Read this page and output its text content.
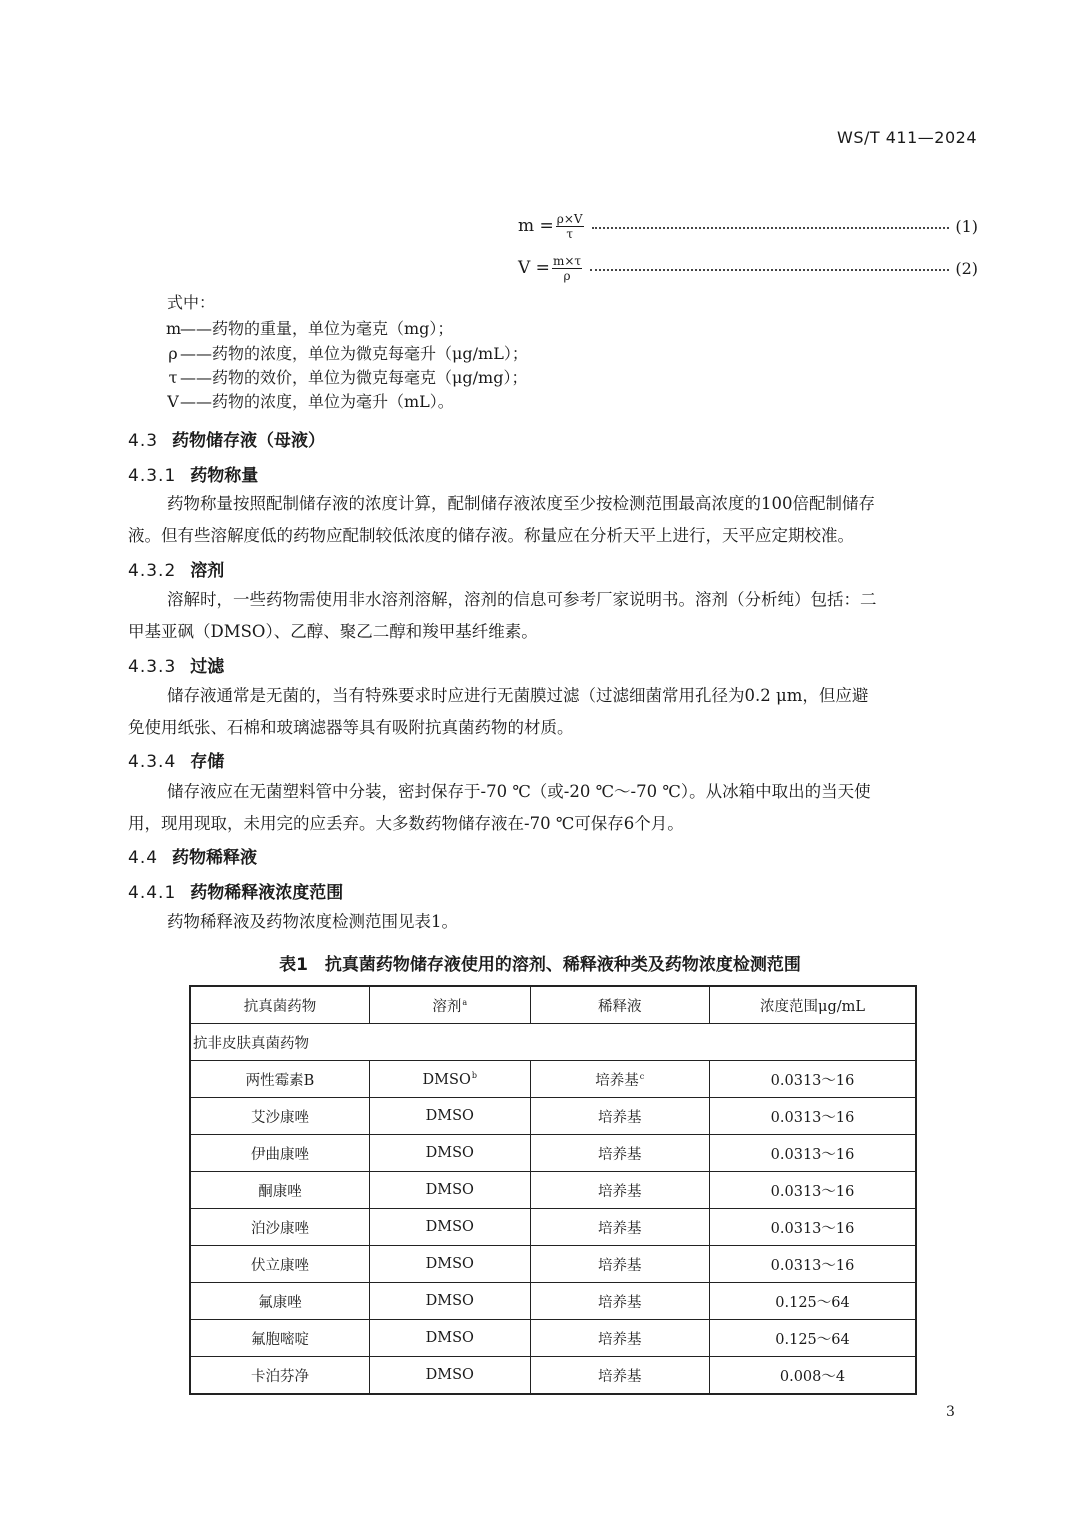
WS/T 411—2024
$m = \frac{\rho\times V}{\tau}$	(1)
$V = \frac{m\times\tau}{\rho}$	(2)
式中：
m——药物的重量，单位为毫克（mg）；
ρ ——药物的浓度，单位为微克每毫升（μg/mL）；
τ ——药物的效价，单位为微克每毫克（μg/mg）；
V——药物的浓度，单位为毫升（mL）。
4.3 药物储存液（母液）
4.3.1 药物称量
药物称量按照配制储存液的浓度计算，配制储存液浓度至少按检测范围最高浓度的100倍配制储存
液。但有些溶解度低的药物应配制较低浓度的储存液。称量应在分析天平上进行，天平应定期校准。
4.3.2 溶剂
溶解时，一些药物需使用非水溶剂溶解，溶剂的信息可参考厂家说明书。溶剂（分析纯）包括：二
甲基亚砜（DMSO）、乙醇、聚乙二醇和羧甲基纤维素。
4.3.3 过滤
储存液通常是无菌的，当有特殊要求时应进行无菌膜过滤（过滤细菌常用孔径为0.2 μm，但应避
免使用纸张、石棉和玻璃滤器等具有吸附抗真菌药物的材质。
4.3.4 存储
储存液应在无菌塑料管中分装，密封保存于-70 ℃（或-20 ℃～-70 ℃）。从冰箱中取出的当天使
用，现用现取，未用完的应丢弃。大多数药物储存液在-70 ℃可保存6个月。
4.4 药物稀释液
4.4.1 药物稀释液浓度范围
药物稀释液及药物浓度检测范围见表1。
表1　抗真菌药物储存液使用的溶剂、稀释液种类及药物浓度检测范围
抗真菌药物	溶剂$^a$	稀释液	浓度范围μg/mL
抗非皮肤真菌药物			
两性霉素B	DMSO$^b$	培养基$^c$	0.0313～16
艾沙康唑	DMSO	培养基	0.0313～16
伊曲康唑	DMSO	培养基	0.0313～16
酮康唑	DMSO	培养基	0.0313～16
泊沙康唑	DMSO	培养基	0.0313～16
伏立康唑	DMSO	培养基	0.0313～16
氟康唑	DMSO	培养基	0.125～64
氟胞嘧啶	DMSO	培养基	0.125～64
卡泊芬净	DMSO	培养基	0.008～4
3
